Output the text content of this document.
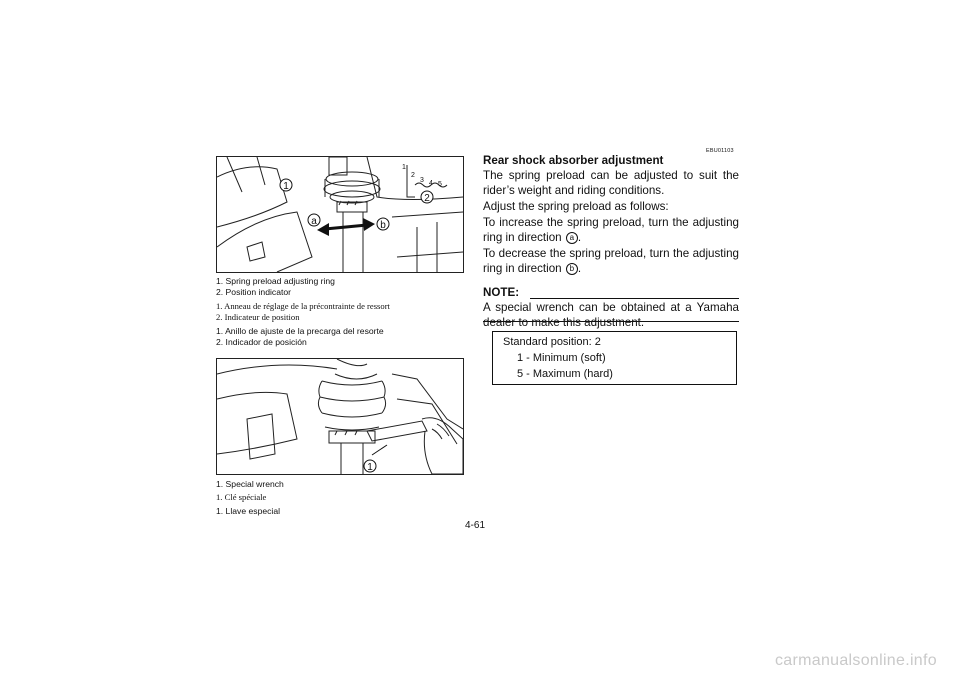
1
2
a	b
1
2
3 4 5
1. Spring preload adjusting ring
2. Position indicator
1. Anneau de réglage de la précontrainte de ressort
2. Indicateur de position
1. Anillo de ajuste de la precarga del resorte
2. Indicador de posición
1
1. Special wrench
1. Clé spéciale
1. Llave especial
EBU01103
Rear shock absorber adjustment
The spring preload can be adjusted to suit the rider’s weight and riding conditions.
Adjust the spring preload as follows:
To increase the spring preload, turn the adjusting ring in direction a .
To decrease the spring preload, turn the adjusting ring in direction b .
NOTE:
A special wrench can be obtained at a Yamaha dealer to make this adjustment.
Standard position: 2
1 - Minimum (soft)
5 - Maximum (hard)
4-61
carmanualsonline.info
